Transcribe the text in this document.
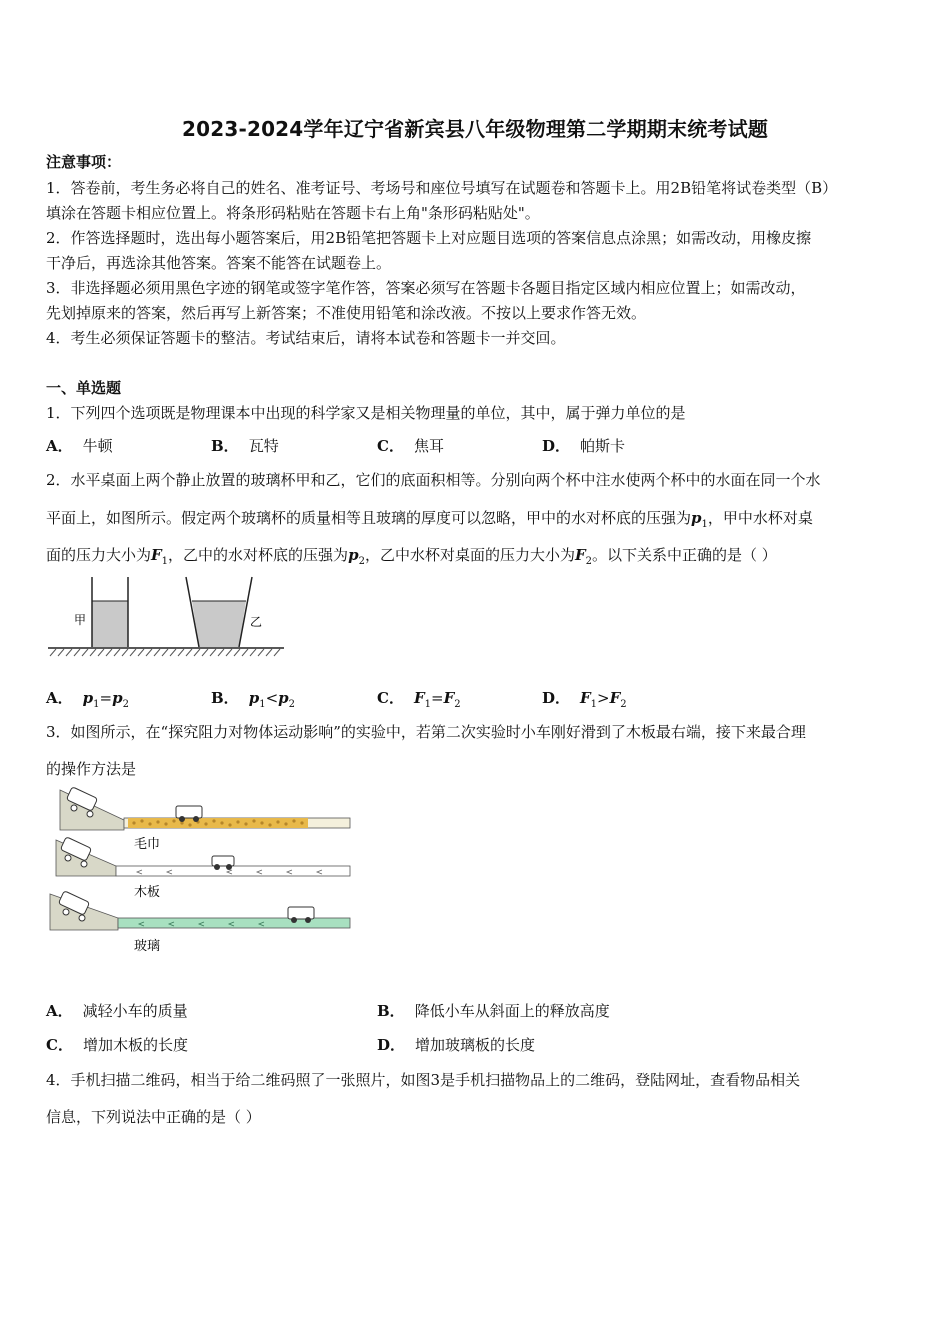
2023-2024学年辽宁省新宾县八年级物理第二学期期末统考试题
注意事项：
1．答卷前，考生务必将自己的姓名、准考证号、考场号和座位号填写在试题卷和答题卡上。用2B铅笔将试卷类型（B）
填涂在答题卡相应位置上。将条形码粘贴在答题卡右上角"条形码粘贴处"。
2．作答选择题时，选出每小题答案后，用2B铅笔把答题卡上对应题目选项的答案信息点涂黑；如需改动，用橡皮擦
干净后，再选涂其他答案。答案不能答在试题卷上。
3．非选择题必须用黑色字迹的钢笔或签字笔作答，答案必须写在答题卡各题目指定区域内相应位置上；如需改动，
先划掉原来的答案，然后再写上新答案；不准使用铅笔和涂改液。不按以上要求作答无效。
4．考生必须保证答题卡的整洁。考试结束后，请将本试卷和答题卡一并交回。
一、单选题
1．下列四个选项既是物理课本中出现的科学家又是相关物理量的单位，其中，属于弹力单位的是
A． 牛顿	B． 瓦特	C． 焦耳	D． 帕斯卡
2．水平桌面上两个静止放置的玻璃杯甲和乙，它们的底面积相等。分别向两个杯中注水使两个杯中的水面在同一个水
平面上，如图所示。假定两个玻璃杯的质量相等且玻璃的厚度可以忽略，甲中的水对杯底的压强为$p_1$，甲中水杯对桌
面的压力大小为$F_1$，乙中的水对杯底的压强为$p_2$，乙中水杯对桌面的压力大小为$F_2$。以下关系中正确的是（ ）
甲	乙
A． $p_1=p_2$	B． $p_1<p_2$	C． $F_1=F_2$	D． $F_1>F_2$
3．如图所示，在“探究阻力对物体运动影响”的实验中，若第二次实验时小车刚好滑到了木板最右端，接下来最合理
的操作方法是
毛巾
木板
玻璃
A． 减轻小车的质量	B． 降低小车从斜面上的释放高度
C． 增加木板的长度	D． 增加玻璃板的长度
4．手机扫描二维码，相当于给二维码照了一张照片，如图3是手机扫描物品上的二维码，登陆网址，查看物品相关
信息，下列说法中正确的是（ ）
